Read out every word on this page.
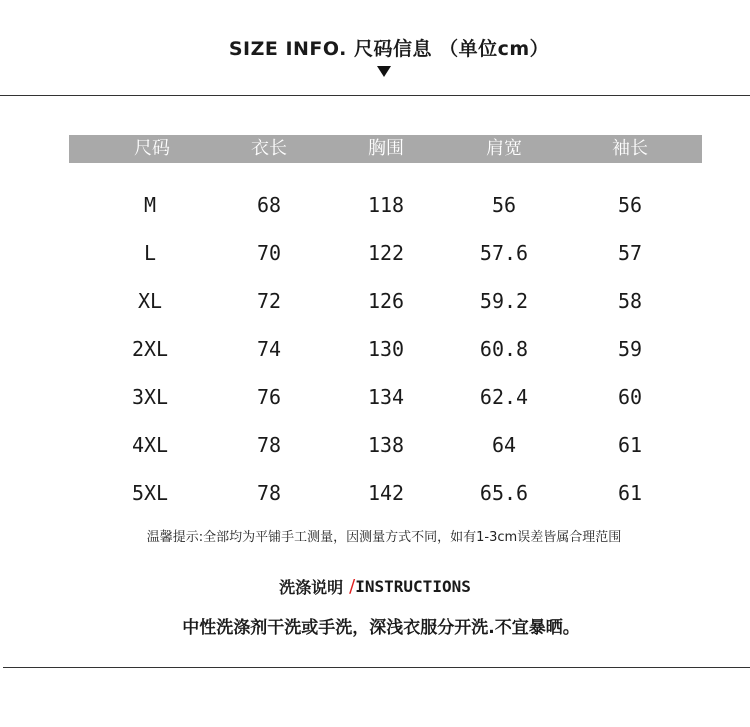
SIZE INFO. 尺码信息 （单位cm）
尺码	衣长	胸围	肩宽	袖长
M	68	118	56	56
L	70	122	57.6	57
XL	72	126	59.2	58
2XL	74	130	60.8	59
3XL	76	134	62.4	60
4XL	78	138	64	61
5XL	78	142	65.6	61
温馨提示:全部均为平铺手工测量，因测量方式不同，如有1-3cm误差皆属合理范围
洗涤说明 /INSTRUCTIONS
中性洗涤剂干洗或手洗，深浅衣服分开洗.不宜暴晒。
